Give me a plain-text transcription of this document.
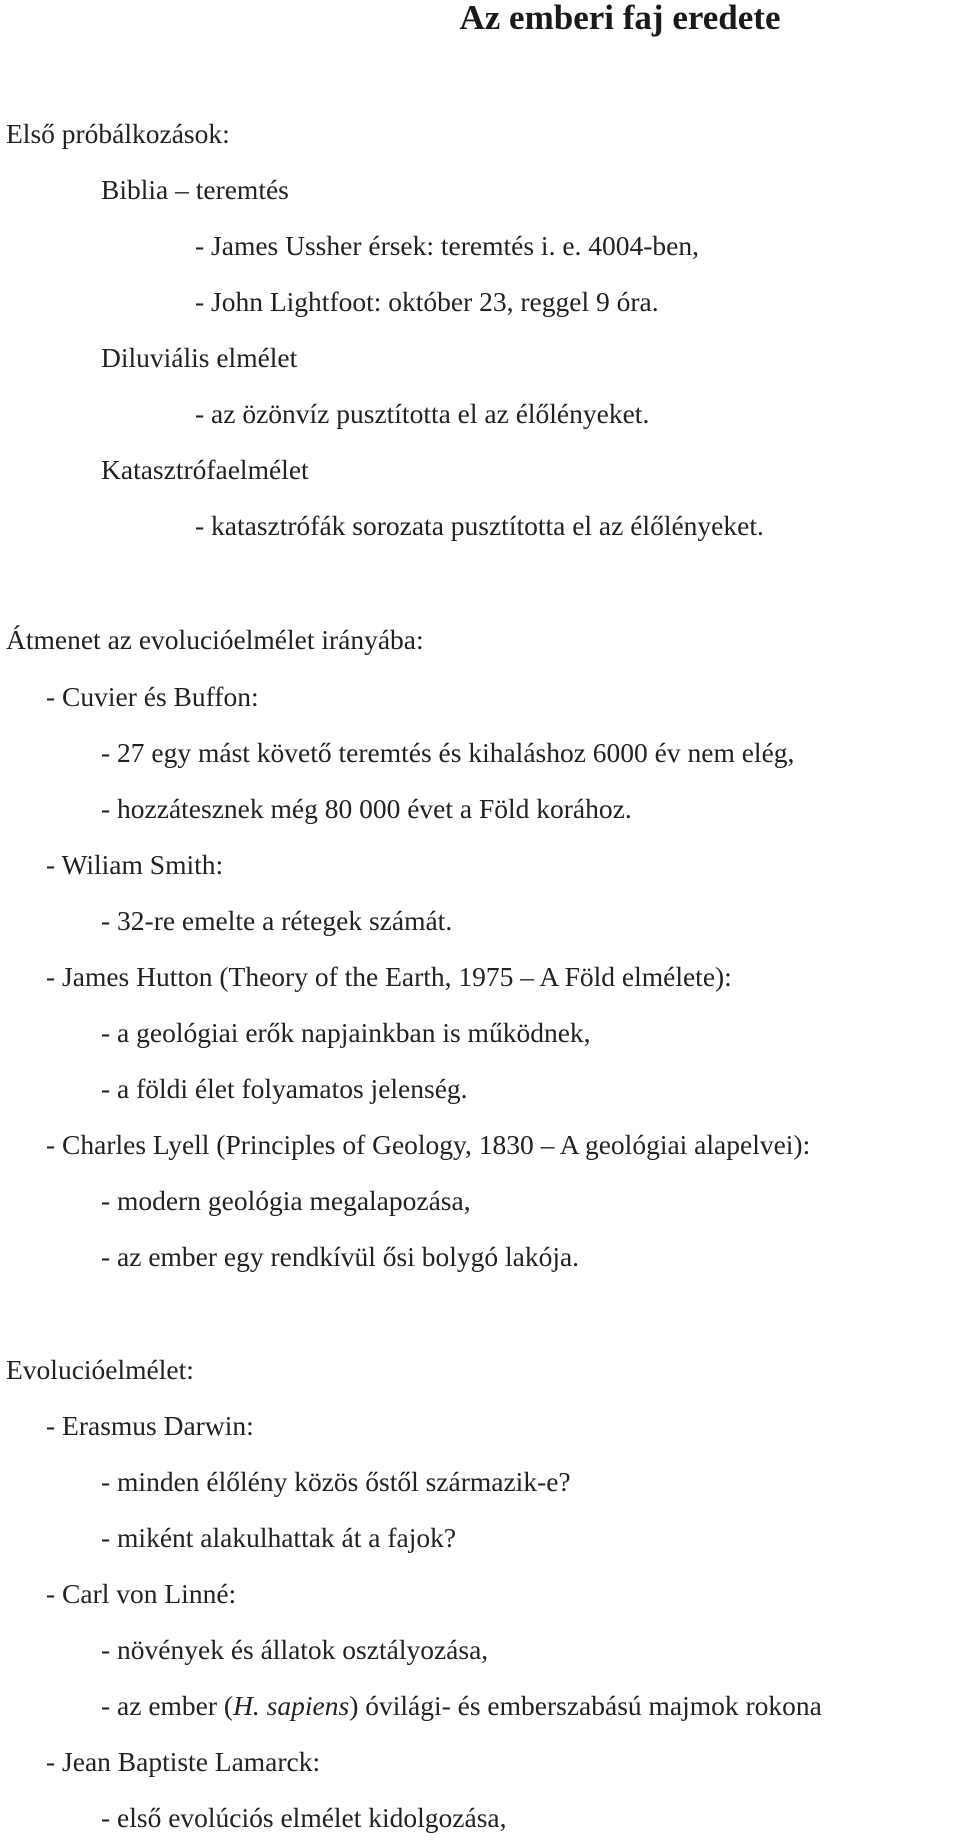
Az emberi faj eredete
Első próbálkozások:
Biblia – teremtés
- James Ussher érsek: teremtés i. e. 4004-ben,
- John Lightfoot: október 23, reggel 9 óra.
Diluviális elmélet
- az özönvíz pusztította el az élőlényeket.
Katasztrófaelmélet
- katasztrófák sorozata pusztította el az élőlényeket.
Átmenet az evolucióelmélet irányába:
- Cuvier és Buffon:
- 27 egy mást követő teremtés és kihaláshoz 6000 év nem elég,
- hozzátesznek még 80 000 évet a Föld korához.
- Wiliam Smith:
- 32-re emelte a rétegek számát.
- James Hutton (Theory of the Earth, 1975 – A Föld elmélete):
- a geológiai erők napjainkban is működnek,
- a földi élet folyamatos jelenség.
- Charles Lyell (Principles of Geology, 1830 – A geológiai alapelvei):
- modern geológia megalapozása,
- az ember egy rendkívül ősi bolygó lakója.
Evolucióelmélet:
- Erasmus Darwin:
- minden élőlény közös őstől származik-e?
- miként alakulhattak át a fajok?
- Carl von Linné:
- növények és állatok osztályozása,
- az ember (H. sapiens) óvilági- és emberszabású majmok rokona
- Jean Baptiste Lamarck:
- első evolúciós elmélet kidolgozása,
